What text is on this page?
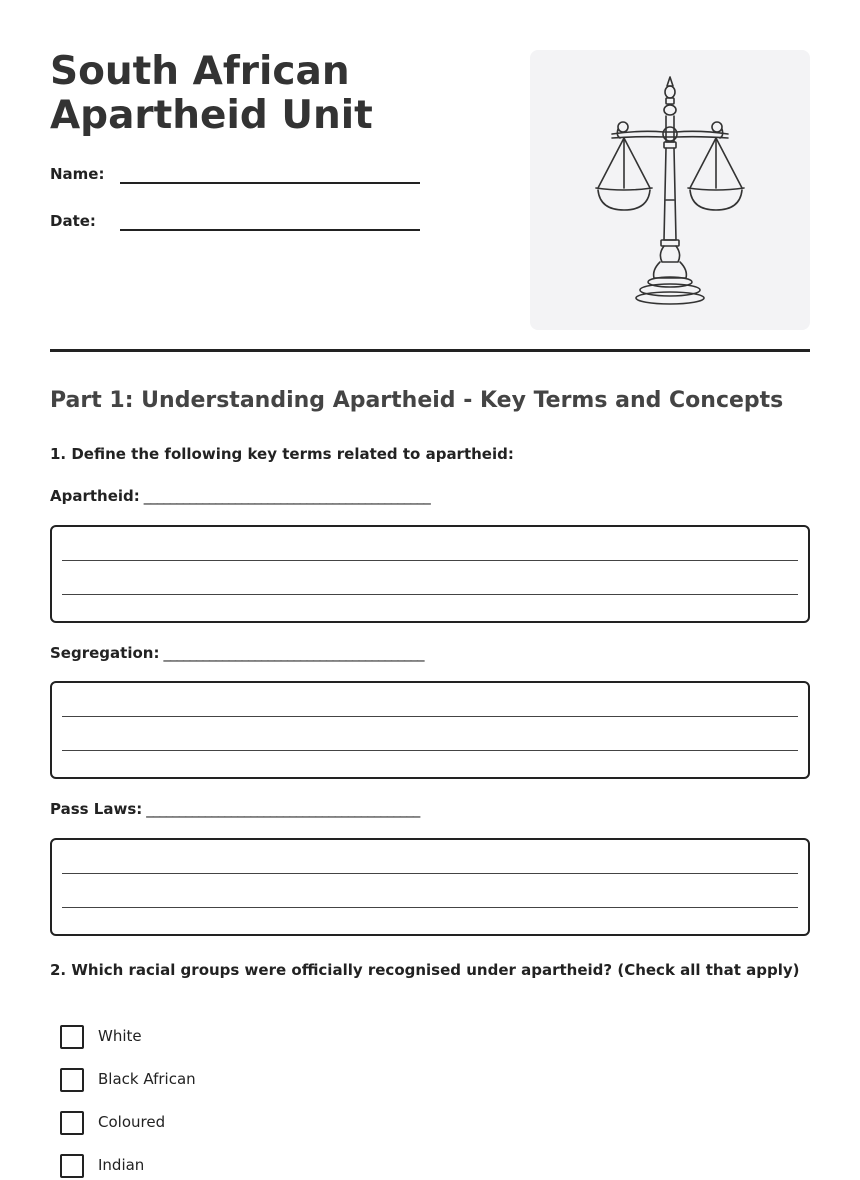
South African Apartheid Unit
Name:
Date:
Part 1: Understanding Apartheid - Key Terms and Concepts

1. Define the following key terms related to apartheid:

Apartheid: ____________________________________________
Segregation: ________________________________________
Pass Laws: __________________________________________

2. Which racial groups were officially recognised under apartheid? (Check all that apply)

White
Black African
Coloured
Indian
